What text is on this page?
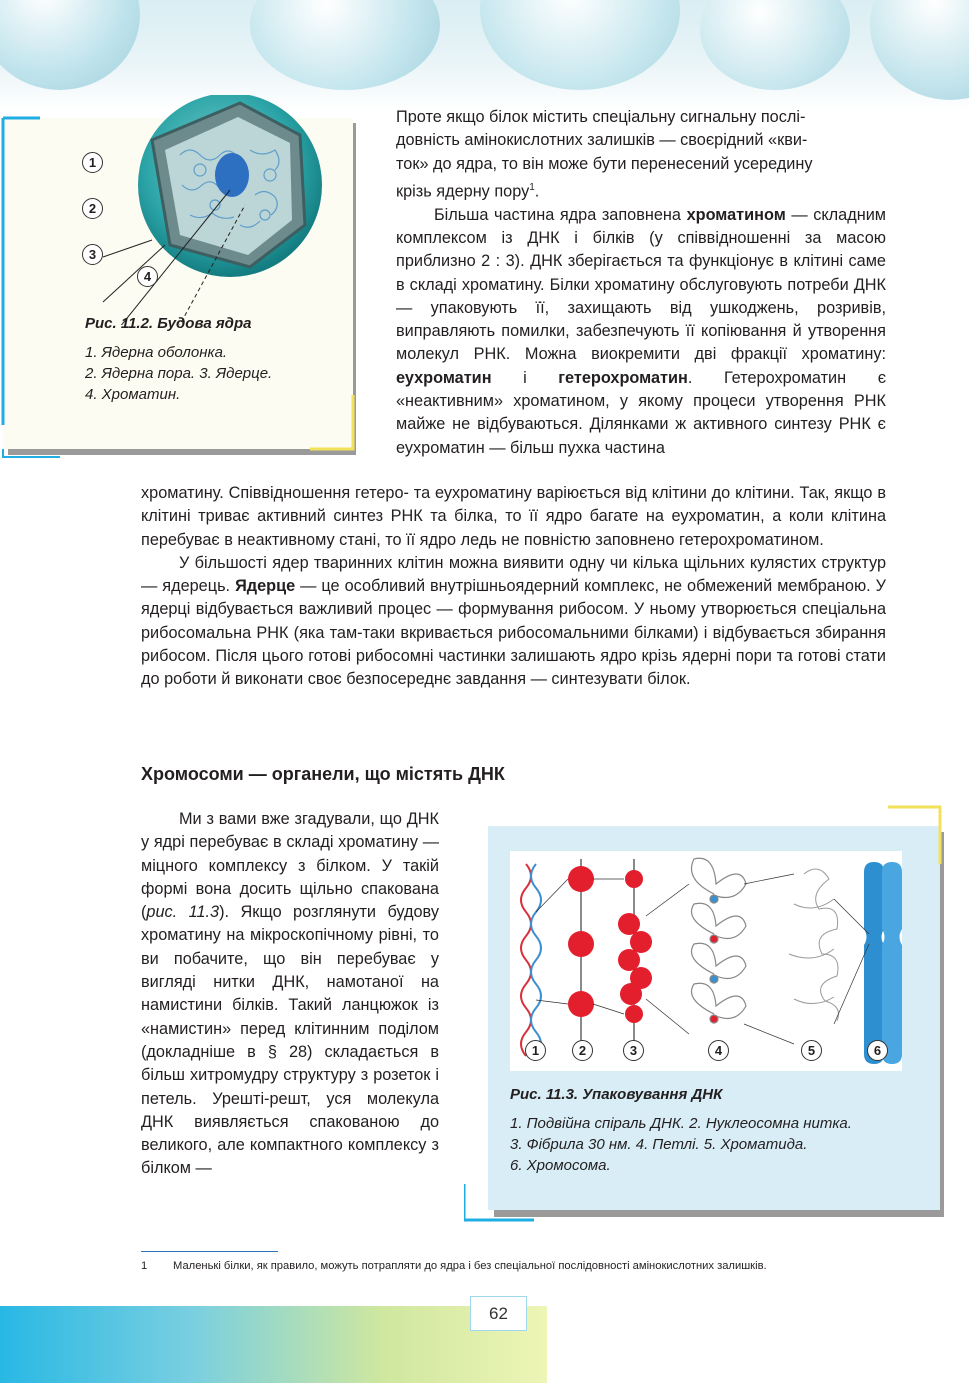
1
2
3
4
Рис. 11.2. Будова ядра
1. Ядерна оболонка.
2. Ядерна пора. 3. Ядерце.
4. Хроматин.
Проте якщо білок містить спеціальну сигнальну послі-
довність амінокислотних залишків — своєрідний «кви-
ток» до ядра, то він може бути перенесений усередину
крізь ядерну пору$^1$.

Більша частина ядра заповнена хроматином — складним комплексом із ДНК і білків (у співвідношенні за масою приблизно 2 : 3). ДНК зберігається та функціонує в клітині саме в складі хроматину. Білки хроматину обслуговують потреби ДНК — упаковують її, захищають від ушкоджень, розривів, виправляють помилки, забезпечують її копіювання й утворення молекул РНК. Можна виокремити дві фракції хроматину: еухроматин і гетерохроматин. Гетерохроматин є «неактивним» хроматином, у якому процеси утворення РНК майже не відбуваються. Ділянками ж активного синтезу РНК є еухроматин — більш пухка частина

хроматину. Співвідношення гетеро- та еухроматину варіюється від клітини до клітини. Так, якщо в клітині триває активний синтез РНК та білка, то її ядро багате на еухроматин, а коли клітина перебуває в неактивному стані, то її ядро ледь не повністю заповнено гетерохроматином.

У більшості ядер тваринних клітин можна виявити одну чи кілька щільних кулястих структур — ядерець. Ядерце — це особливий внутрішньоядерний комплекс, не обмежений мембраною. У ядерці відбувається важливий процес — формування рибосом. У ньому утворюється спеціальна рибосомальна РНК (яка там-таки вкривається рибосомальними білками) і відбувається збирання рибосом. Після цього готові рибосомні частинки залишають ядро крізь ядерні пори та готові стати до роботи й виконати своє безпосереднє завдання — синтезувати білок.

Хромосоми — органели, що містять ДНК

Ми з вами вже згадували, що ДНК у ядрі перебуває в складі хроматину — міцного комплексу з білком. У такій формі вона досить щільно спакована (рис. 11.3). Якщо розглянути будову хроматину на мікроскопічному рівні, то ви побачите, що він перебуває у вигляді нитки ДНК, намотаної на намистини білків. Такий ланцюжок із «намистин» перед клітинним поділом (докладніше в § 28) складається в більш хитромудру структуру з розеток і петель. Урешті-решт, уся молекула ДНК виявляється спакованою до великого, але компактного комплексу з білком —

1	2	3	4	5	6
Рис. 11.3. Упаковування ДНК
1. Подвійна спіраль ДНК. 2. Нуклеосомна нитка.
3. Фібрила 30 нм. 4. Петлі. 5. Хроматида.
6. Хромосома.
1 Маленькі білки, як правило, можуть потрапляти до ядра і без спеціальної послідовності амінокислотних залишків.
62
